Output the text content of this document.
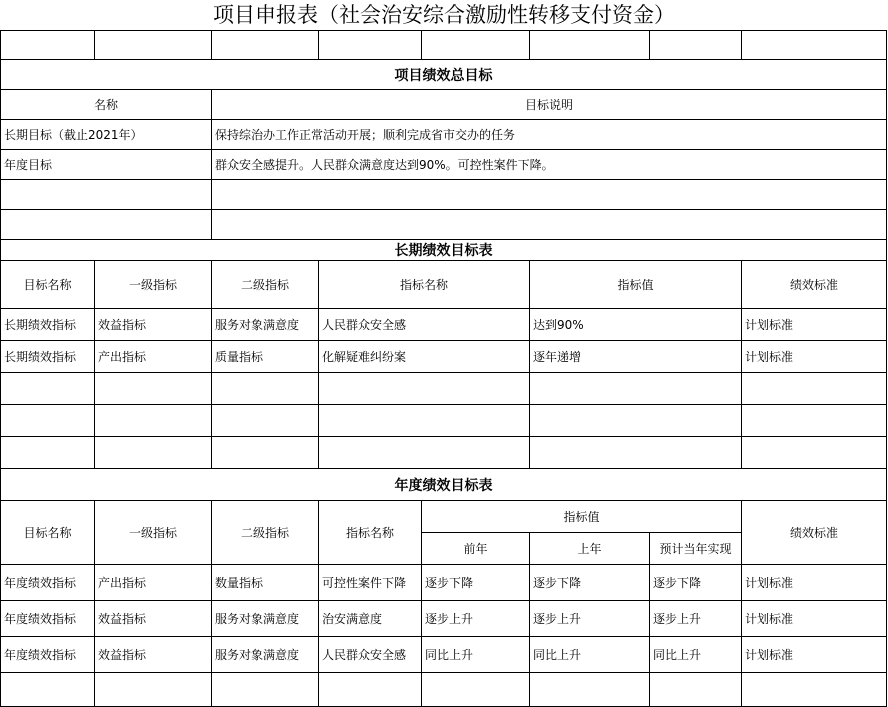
项目申报表（社会治安综合激励性转移支付资金）

项目绩效总目标							
名称		目标说明					
长期目标（截止2021年）		保持综治办工作正常活动开展；顺利完成省市交办的任务					
年度目标		群众安全感提升。人民群众满意度达到90%。可控性案件下降。					

长期绩效目标表							
目标名称	一级指标	二级指标	指标名称		指标值		绩效标准
长期绩效指标	效益指标	服务对象满意度	人民群众安全感		达到90%		计划标准
长期绩效指标	产出指标	质量指标	化解疑难纠纷案		逐年递增		计划标准

年度绩效目标表							
目标名称	一级指标	二级指标	指标名称	指标值			绩效标准
				前年	上年	预计当年实现	
年度绩效指标	产出指标	数量指标	可控性案件下降	逐步下降	逐步下降	逐步下降	计划标准
年度绩效指标	效益指标	服务对象满意度	治安满意度	逐步上升	逐步上升	逐步上升	计划标准
年度绩效指标	效益指标	服务对象满意度	人民群众安全感	同比上升	同比上升	同比上升	计划标准
